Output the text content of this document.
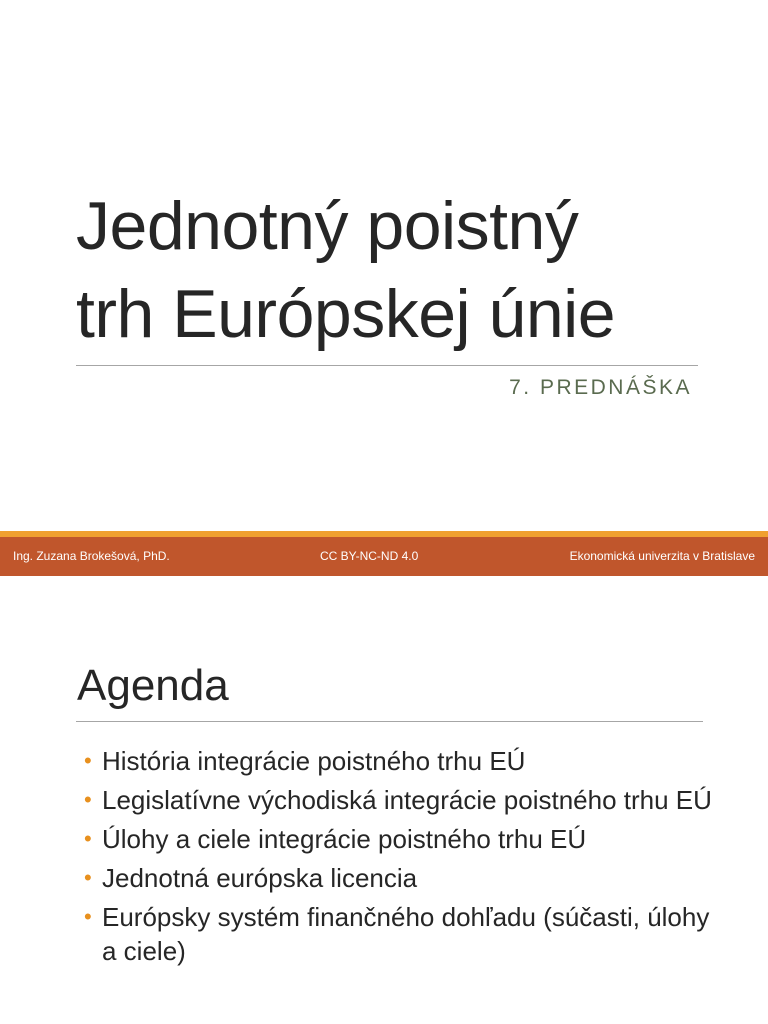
Jednotný poistný
trh Európskej únie
7. PREDNÁŠKA
Ing. Zuzana Brokešová, PhD.	CC BY-NC-ND 4.0	Ekonomická univerzita v Bratislave
Agenda
• História integrácie poistného trhu EÚ
• Legislatívne východiská integrácie poistného trhu EÚ
• Úlohy a ciele integrácie poistného trhu EÚ
• Jednotná európska licencia
• Európsky systém finančného dohľadu (súčasti, úlohy a ciele)
